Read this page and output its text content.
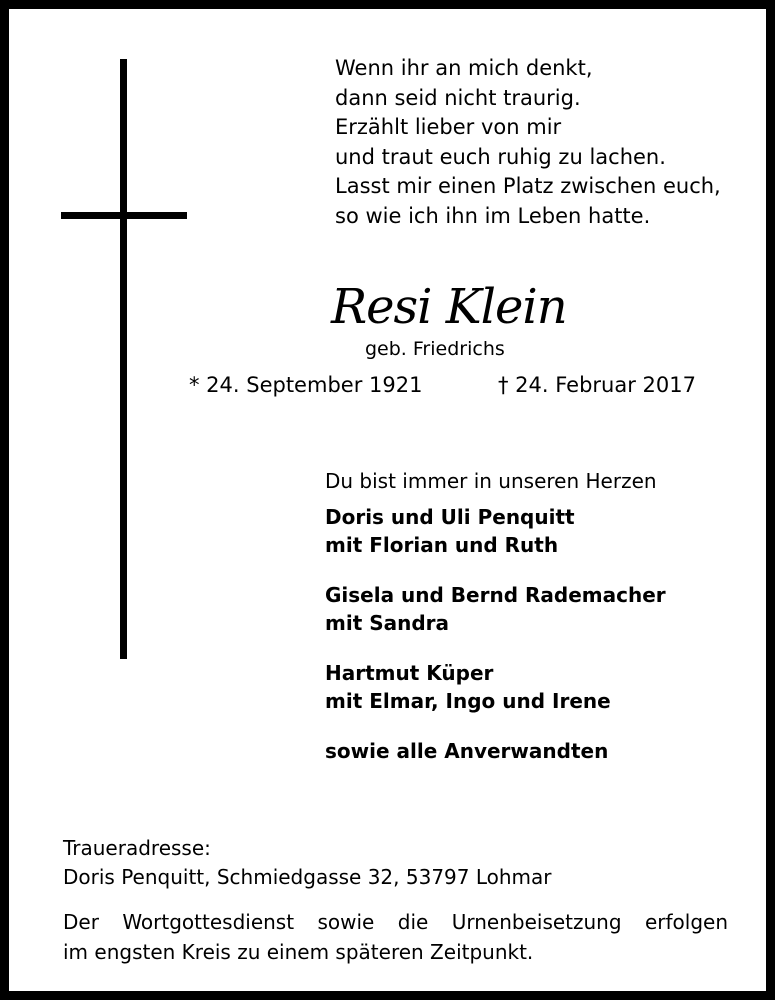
Wenn ihr an mich denkt,
dann seid nicht traurig.
Erzählt lieber von mir
und traut euch ruhig zu lachen.
Lasst mir einen Platz zwischen euch,
so wie ich ihn im Leben hatte.
Resi Klein
geb. Friedrichs
* 24. September 1921	† 24. Februar 2017
Du bist immer in unseren Herzen
Doris und Uli Penquitt
mit Florian und Ruth
Gisela und Bernd Rademacher
mit Sandra
Hartmut Küper
mit Elmar, Ingo und Irene
sowie alle Anverwandten
Traueradresse:
Doris Penquitt, Schmiedgasse 32, 53797 Lohmar
Der Wortgottesdienst sowie die Urnenbeisetzung erfolgen
im engsten Kreis zu einem späteren Zeitpunkt.
